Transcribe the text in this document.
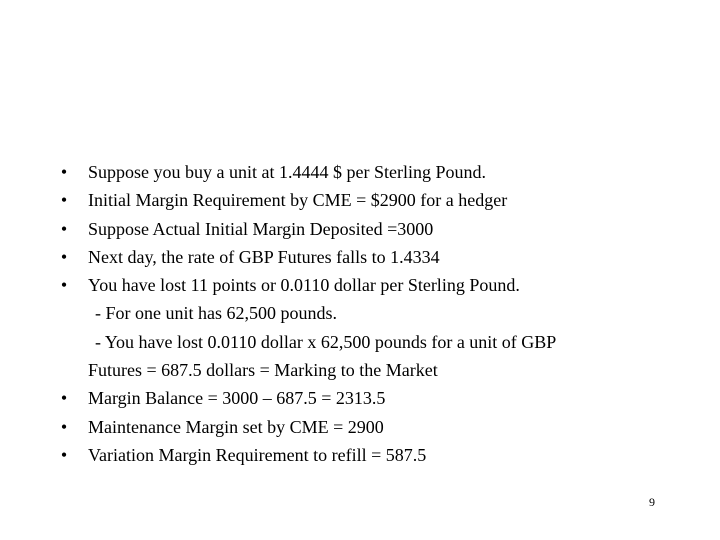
• Suppose you buy a unit at 1.4444 $ per Sterling Pound.
• Initial Margin Requirement by CME = $2900 for a hedger
• Suppose Actual Initial Margin Deposited =3000
• Next day, the rate of GBP Futures falls to 1.4334
• You have lost 11 points or 0.0110 dollar per Sterling Pound.
- For one unit has 62,500 pounds.
- You have lost 0.0110 dollar x 62,500 pounds for a unit of GBP
Futures = 687.5 dollars = Marking to the Market
• Margin Balance = 3000 – 687.5 = 2313.5
• Maintenance Margin set by CME = 2900
• Variation Margin Requirement to refill = 587.5
9
